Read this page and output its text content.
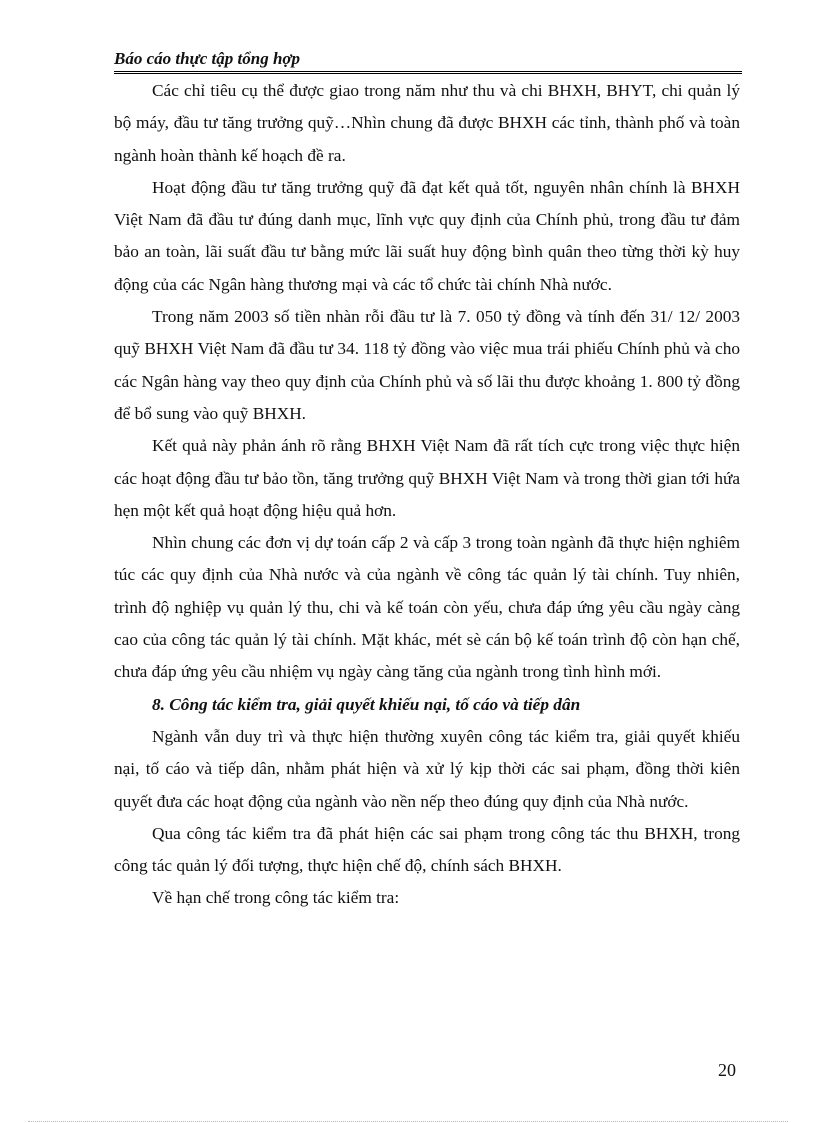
Báo cáo thực tập tổng hợp

Các chỉ tiêu cụ thể được giao trong năm như thu và chi BHXH, BHYT, chi quản lý bộ máy, đầu tư tăng trưởng quỹ…Nhìn chung đã được BHXH các tỉnh, thành phố và toàn ngành hoàn thành kế hoạch đề ra.

Hoạt động đầu tư tăng trưởng quỹ đã đạt kết quả tốt, nguyên nhân chính là BHXH Việt Nam đã đầu tư đúng danh mục, lĩnh vực quy định của Chính phủ, trong đầu tư đảm bảo an toàn, lãi suất đầu tư bằng mức lãi suất huy động bình quân theo từng thời kỳ huy động của các Ngân hàng thương mại và các tổ chức tài chính Nhà nước.

Trong năm 2003 số tiền nhàn rỗi đầu tư là 7. 050 tỷ đồng và tính đến 31/ 12/ 2003 quỹ BHXH Việt Nam đã đầu tư 34. 118 tỷ đồng vào việc mua trái phiếu Chính phủ và cho các Ngân hàng vay theo quy định của Chính phủ và số lãi thu được khoảng 1. 800 tỷ đồng để bổ sung vào quỹ BHXH.

Kết quả này phản ánh rõ rằng BHXH Việt Nam đã rất tích cực trong việc thực hiện các hoạt động đầu tư bảo tồn, tăng trưởng quỹ BHXH Việt Nam và trong thời gian tới hứa hẹn một kết quả hoạt động hiệu quả hơn.

Nhìn chung các đơn vị dự toán cấp 2 và cấp 3 trong toàn ngành đã thực hiện nghiêm túc các quy định của Nhà nước và của ngành về công tác quản lý tài chính. Tuy nhiên, trình độ nghiệp vụ quản lý thu, chi và kế toán còn yếu, chưa đáp ứng yêu cầu ngày càng cao của công tác quản lý tài chính. Mặt khác, mét sè cán bộ kế toán trình độ còn hạn chế, chưa đáp ứng yêu cầu nhiệm vụ ngày càng tăng của ngành trong tình hình mới.

8. Công tác kiểm tra, giải quyết khiếu nại, tố cáo và tiếp dân

Ngành vẫn duy trì và thực hiện thường xuyên công tác kiểm tra, giải quyết khiếu nại, tố cáo và tiếp dân, nhằm phát hiện và xử lý kịp thời các sai phạm, đồng thời kiên quyết đưa các hoạt động của ngành vào nền nếp theo đúng quy định của Nhà nước.

Qua công tác kiểm tra đã phát hiện các sai phạm trong công tác thu BHXH, trong công tác quản lý đối tượng, thực hiện chế độ, chính sách BHXH.

Về hạn chế trong công tác kiểm tra:

20
